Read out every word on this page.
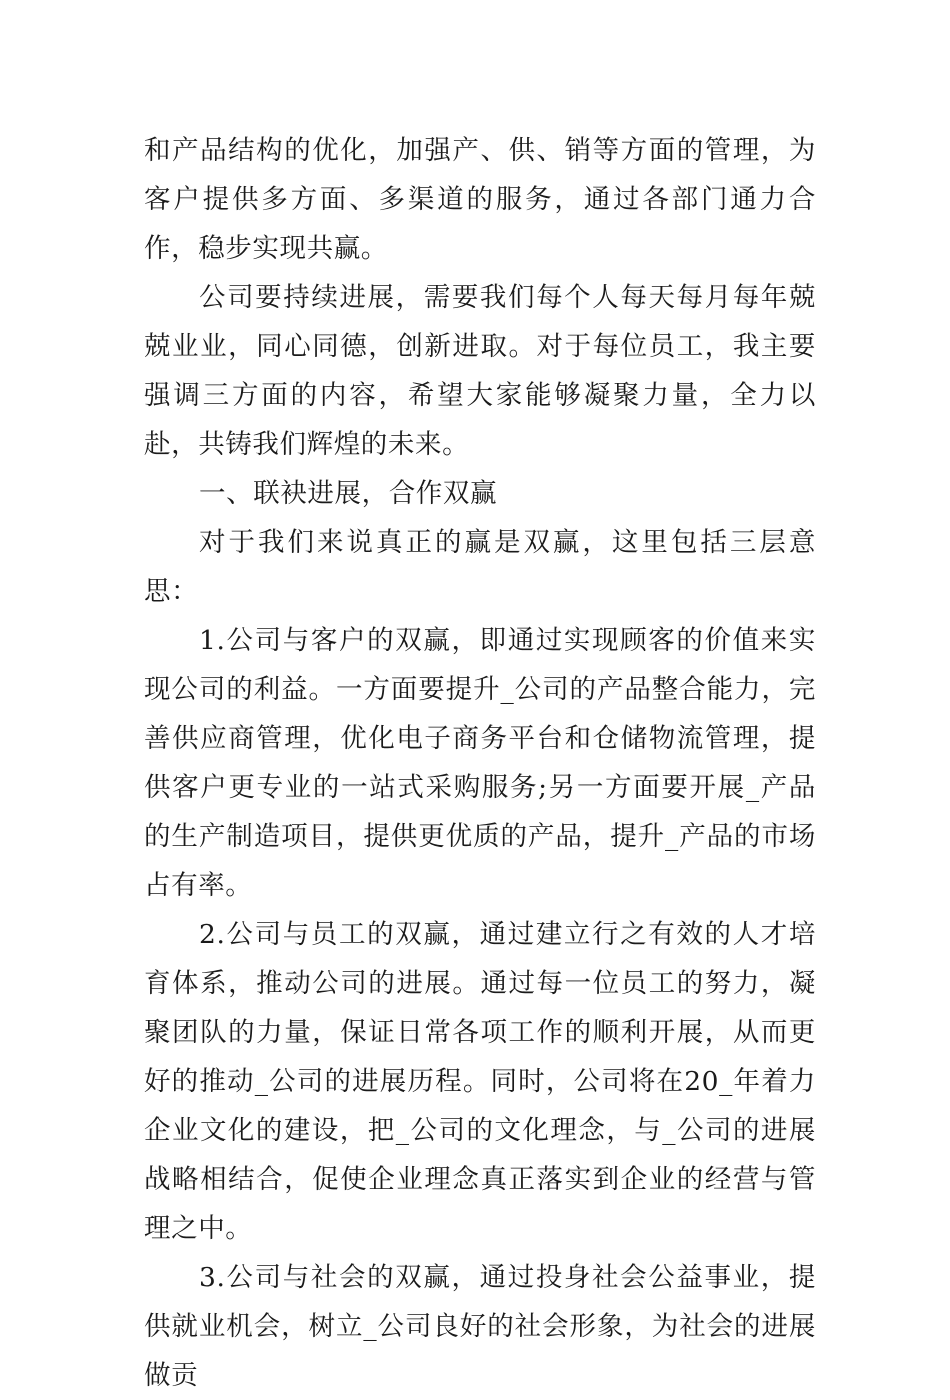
和产品结构的优化，加强产、供、销等方面的管理，为客户提供多方面、多渠道的服务，通过各部门通力合作，稳步实现共赢。

公司要持续进展，需要我们每个人每天每月每年兢兢业业，同心同德，创新进取。对于每位员工，我主要强调三方面的内容，希望大家能够凝聚力量，全力以赴，共铸我们辉煌的未来。

一、联袂进展，合作双赢

对于我们来说真正的赢是双赢，这里包括三层意思：

1.公司与客户的双赢，即通过实现顾客的价值来实现公司的利益。一方面要提升_公司的产品整合能力，完善供应商管理，优化电子商务平台和仓储物流管理，提供客户更专业的一站式采购服务;另一方面要开展_产品的生产制造项目，提供更优质的产品，提升_产品的市场占有率。

2.公司与员工的双赢，通过建立行之有效的人才培育体系，推动公司的进展。通过每一位员工的努力，凝聚团队的力量，保证日常各项工作的顺利开展，从而更好的推动_公司的进展历程。同时，公司将在20_年着力企业文化的建设，把_公司的文化理念，与_公司的进展战略相结合，促使企业理念真正落实到企业的经营与管理之中。

3.公司与社会的双赢，通过投身社会公益事业，提供就业机会，树立_公司良好的社会形象，为社会的进展做贡
